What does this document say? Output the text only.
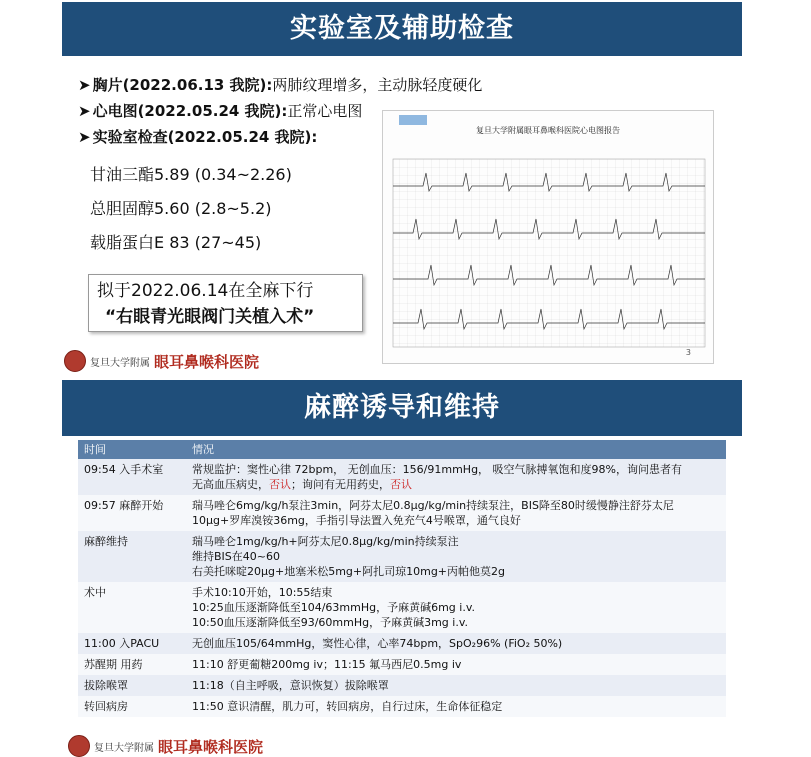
实验室及辅助检查
➤ 胸片(2022.06.13 我院):两肺纹理增多，主动脉轻度硬化
➤ 心电图(2022.05.24 我院):正常心电图
➤ 实验室检查(2022.05.24 我院):
甘油三酯5.89 (0.34~2.26)
总胆固醇5.60 (2.8~5.2)
载脂蛋白E 83 (27~45)
拟于2022.06.14在全麻下行
“右眼青光眼阀门关植入术”
复旦大学附属 眼耳鼻喉科医院
复旦大学附属眼耳鼻喉科医院心电图报告
3
麻醉诱导和维持
时间	情况
09:54 入手术室	常规监护：窦性心律 72bpm， 无创血压：156/91mmHg， 吸空气脉搏氧饱和度98%，询问患者有
无高血压病史，否认；询问有无用药史，否认

09:57 麻醉开始	瑞马唑仑6mg/kg/h泵注3min，阿芬太尼0.8μg/kg/min持续泵注，BIS降至80时缓慢静注舒芬太尼
10μg+罗库溴铵36mg，手指引导法置入免充气4号喉罩，通气良好

麻醉维持	瑞马唑仑1mg/kg/h+阿芬太尼0.8μg/kg/min持续泵注
维持BIS在40~60
右美托咪啶20μg+地塞米松5mg+阿扎司琼10mg+丙帕他莫2g

术中	手术10:10开始，10:55结束
10:25血压逐渐降低至104/63mmHg，予麻黄碱6mg i.v.
10:50血压逐渐降低至93/60mmHg，予麻黄碱3mg i.v.

11:00 入PACU	无创血压105/64mmHg，窦性心律，心率74bpm，SpO₂96% (FiO₂ 50%)

苏醒期 用药	11:10 舒更葡糖200mg iv；11:15 氟马西尼0.5mg iv

拔除喉罩	11:18（自主呼吸，意识恢复）拔除喉罩

转回病房	11:50 意识清醒，肌力可，转回病房，自行过床，生命体征稳定
复旦大学附属 眼耳鼻喉科医院
